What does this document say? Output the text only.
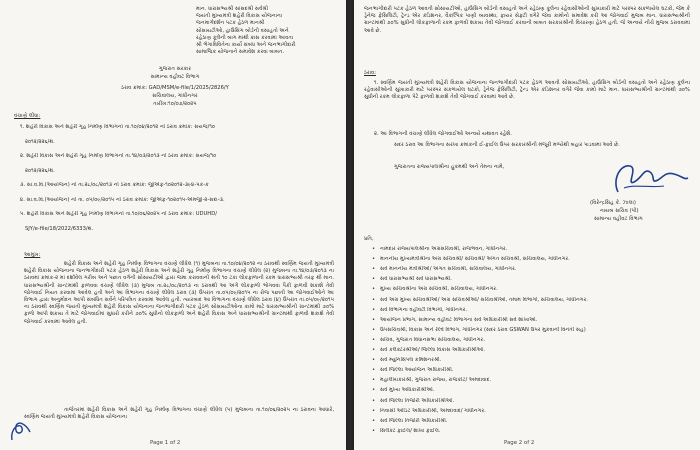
માન. ધારાસભ્યશ્રી સાંસદશ્રી સર્વશ્રી
જયંતી મુખ્યમંત્રી શહેરી વિકાસ યોજનાના
જનમાર્ગદર્શન પટક હેઠળ માનશ્રી
સોસાયટીઓ, હાઉસિંગ બોર્ડની વસાહતો અને
રહેઠાણ કૂલેની બાગ માંથી ક્રાસ કરવામાં આવતા
શ્રી ભેગાવિવિતેના કાર્યો સંબંધ અને જનભાગીદારી
સામાજિક યોજનાને સમાવેશ કરવા બાબત.
ગુજરાત સરકાર
સામાન્ય વહીવટ વિભાગ
ઠરાવ ક્રમાંક: GAD/MSM/e-file/1/2025/2826/Y
સચિવાલય, ગાંધીનગર
તારીખ:૧૦/૦૭/૨૦૨૫
વંચાણે લીધા:
૧. શહેરી વિકાસ અને શહેરી ગૃહ નિર્માણ વિભાગનો તા.૧૦/૦૪/૨૦૧૨ નો ઠરાવ ક્રમાંક: સયજ/૧૦
૨૦૧૨/૨૨૬/થ.
૨. શહેરી વિકાસ અને શહેરી ગૃહ નિર્માણ વિભાગનો તા.૧૪/૦૩/૨૦૧૩ નો ઠરાવ ક્રમાંક: સયજ/૧૦
૨૦૧૨/૨૨૬/થ.
૩. સા.વ.વિ.(આયોજન) નો તા.૨૮/૦૮/૨૦૧૩ નો ઠરાવ ક્રમાંક: જીએફ-૧૦૨૦૧૨-૩૯૪-પક-ક
૪. સા.વ.વિ.(આયોજન) નો તા. ૦૫/૦૯/૨૦૧૫ નો ઠરાવ ક્રમાંક: જીએફ-૧૦૨૦૧૫-એમજી-૨-સદા-૩.
૫. શહેરી વિકાસ અને શહેરી ગૃહ નિર્માણ વિભાગનો તા.૧૦/૦૬/૨૦૨૫ નો ઠરાવ ક્રમાંક: UDUHD/
SJY/e-file/18/2022/6333/થ.
આમુખ:
શહેરી વિકાસ અને શહેરી ગૃહ નિર્માણ વિભાગના વંચાણે લીધેલ (૧) મુજબના તા.૧૦/૦૪/૨૦૧૨ ના ઠરાવથી સ્વર્ણિમ જયંતી મુખ્યમંત્રી શહેરી વિકાસ યોજનાના જનભાગીદારી પટક હેઠળ શહેરી વિકાસ અને શહેરી ગૃહ નિર્માણ વિભાગના વંચાણે લીધેલ (૨) મુજબના તા.૧૪/૦૩/૨૦૧૩ ના ઠરાવમાં ક્રમાંક-૨ માં દર્શાવેલ ગરીબ અને પછાત વર્ગની સોસાયટીઓ દ્વારા જમા કરાવવાની થતી ૧૦ ટકા લોકફાળાની રકમ ધારાસભ્યશ્રી તરફ થી માન. ધારાસભ્યશ્રીની ગ્રાન્ટમાંથી ફાળવવા વંચાણે લીધેલ (૩) મુજબ તા.૨૮/૦૮/૨૦૧૩ ના ઠરાવથી આ અંગે લોકફાળો ભોગવવા પૈકી ફાળવી શકાશે તેવી જોગવાઈ નિયત કરવામાં આવેલ હતી અને આ વિભાગના વંચાણે લીધેલ ઠરાવ (૩) ઉપરાંત તા.૦૫/૦૯/૨૦૧૫ ના રોજ પછાતી આ જોગવાઈઓને આ વિભાગ દ્વારા અનુમોદન આપી સંબંધિત સર્વેને પરિપત્રિત કરવામાં આવેલ હતી. ત્યારબાદ આ વિભાગના વંચાણે લીધેલ ઠરાવ (૪) ઉપરાંત તા.૦૫/૦૯/૨૦૧૫ ના ઠરાવથી સ્વર્ણિમ જયંતી મુખ્યમંત્રી શહેરી વિકાસ યોજનાના જનભાગીદારી પટક હેઠળ સોસાયટીઓના કામો માટે ધારાસભ્યશ્રીની ગ્રાન્ટમાંથી ૭૦% ફાળો આપી શકાય તે માટે જોગવાઈમાં સુધારો કરીને ૭૦% સુધીનો લોકફાળો અને શહેરી વિકાસ અને ધારાસભ્યશ્રીની ગ્રાન્ટમાંથી ફાળવી શકાશે તેવી જોગવાઈ કરવામાં આવેલ હતી.
તાજેતરમાં શહેરી વિકાસ અને શહેરી ગૃહ નિર્માણ વિભાગના વંચાણે લીધેલ (૫) મુજબના તા.૧૦/૦૬/૨૦૨૫ ના ઠરાવના આધારે, સ્વર્ણિમ જયંતી મુખ્યમંત્રી શહેરી વિકાસ યોજનાના
Page 1 of 2
જનભાગીદારી પટક હેઠળ આવતી સોસાયટીઓ, હાઉસિંગ બોર્ડની વસાહતો અને રહેઠાણ કૂલેના રહેવાસીઓની સુખાકારી માટે પરસ્પર સંકળાયેલ ઘટકો, જેમ કે ડ્રેનેજ ફેસિલિટી, ટ્રેન્ડ એર કંડિશનર, વૈકલ્પિક પાણી વ્યવસ્થા, ફાયર સેફ્ટી વગેરે જેવા કામોનો સમાવેશ કરી આ જોગવાઈ મુજબ માન. ધારાસભ્યશ્રીની ગ્રાન્ટમાંથી ૭૦% સુધીની લોકફાળાની રકમ ફાળવી શકાય તેવી જોગવાઈ કરવાની બાબત સરકારશ્રીની વિચારણા હેઠળ હતી. જે અન્વયે નીચે મુજબ ઠરાવવામાં આવે છે.
ઠરાવ:
૧. સ્વર્ણિમ જયંતી મુખ્યમંત્રી શહેરી વિકાસ યોજનાના જનભાગીદારી પટક હેઠળ આવતી સોસાયટીઓ, હાઉસિંગ બોર્ડની વસાહતો અને રહેઠાણ કૂલેના રહેવાસીઓની સુખાકારી માટે પરસ્પર સંકળાયેલ ઘટકો, ડ્રેનેજ ફેસિલિટી, ટ્રેન્ડ એર કંડિશનર વગેરે જેવા કામો માટે માન. ધારાસભ્યશ્રીની ગ્રાન્ટમાંથી ૭૦% સુધીની રકમ લોકફાળા પેટે ફાળવી શકાશે તેવી જોગવાઈ કરવામાં આવે છે.
૨. આ વિભાગની વંચાણે લીધેલ જોગવાઈઓ અન્વયે યથાવત રહેશે.
સદર ઠરાવ આ વિભાગના સરખા ક્રમાંકની ઈ-ફાઈલ ઉપર સરકારશ્રીની મંજૂરી મળ્યેથી બહાર પાડવામાં આવે છે.
ગુજરાતના રાજ્યપાલશ્રીના હુકમથી અને તેમના નામે,
(વિરેન્દ્રસિંહ કે. ઝાલા)
નાયબ સચિવ (પી)
સામાન્ય વહીવટ વિભાગ
પ્રતિ,
નામદાર રાજ્યપાલશ્રીના અગ્રસચિવશ્રી, રાજભવન, ગાંધીનગર.
•
માનનીય મુખ્યમંત્રીશ્રીના અગ્ર સચિવશ્રી/ સચિવશ્રી/ અંગત સચિવશ્રી, સચિવાલય, ગાંધીનગર.
•
સર્વે માનનીય મંત્રીશ્રીઓ/ અંગત સચિવશ્રી, સચિવાલય, ગાંધીનગર.
•
સર્વે ધારાસભ્યશ્રી સર્વે ધારાસભ્યશ્રી.
•
મુખ્ય સચિવશ્રીના અગ્ર સચિવશ્રી, સચિવાલય, ગાંધીનગર.
•
સર્વે અગ્ર મુખ્ય સચિવશ્રીઓ/ અગ્ર સચિવશ્રીઓ/ સચિવશ્રીઓ, તમામ વિભાગો, સચિવાલય, ગાંધીનગર.
•
સર્વે વિભાગના વહીવટી વિભાગો, ગાંધીનગર.
•
આયોજન પ્રભાગ, સામાન્ય વહીવટ વિભાગના સર્વે અધિકારીશ્રી સર્વે શાખાઓ.
•
ઉપસચિવશ્રી, વિકાસ અને રેલ્વે વિભાગ, ગાંધીનગર (સદર ઠરાવ GSWAN ઉપર મુકવાની વિનંતી સહ)
•
સચિવ, ગુજરાત વિધાનસભા સચિવાલય, ગાંધીનગર.
•
સર્વે કલેક્ટરશ્રીઓ/ જિલ્લા વિકાસ અધિકારીશ્રીઓ.
•
સર્વે મ્યુનિસિપલ કમિશનરશ્રી.
•
સર્વે જિલ્લા આયોજન અધિકારીશ્રી.
•
મહાલેખાકારશ્રી, ગુજરાત રાજ્ય, રાજકોટ/ અમદાવાદ.
•
સર્વે મુખ્ય અધિકારીશ્રીઓ.
•
સર્વે જિલ્લા તિજોરી અધિકારીશ્રીઓ.
•
નિવાસી ઓડિટ અધિકારીશ્રી, અમદાવાદ/ ગાંધીનગર.
•
સર્વે જિલ્લા તિજોરી અધિકારીશ્રી.
•
સિલેક્ટ ફાઈલ/ શાખા ફાઈલ.
•
Page 2 of 2
